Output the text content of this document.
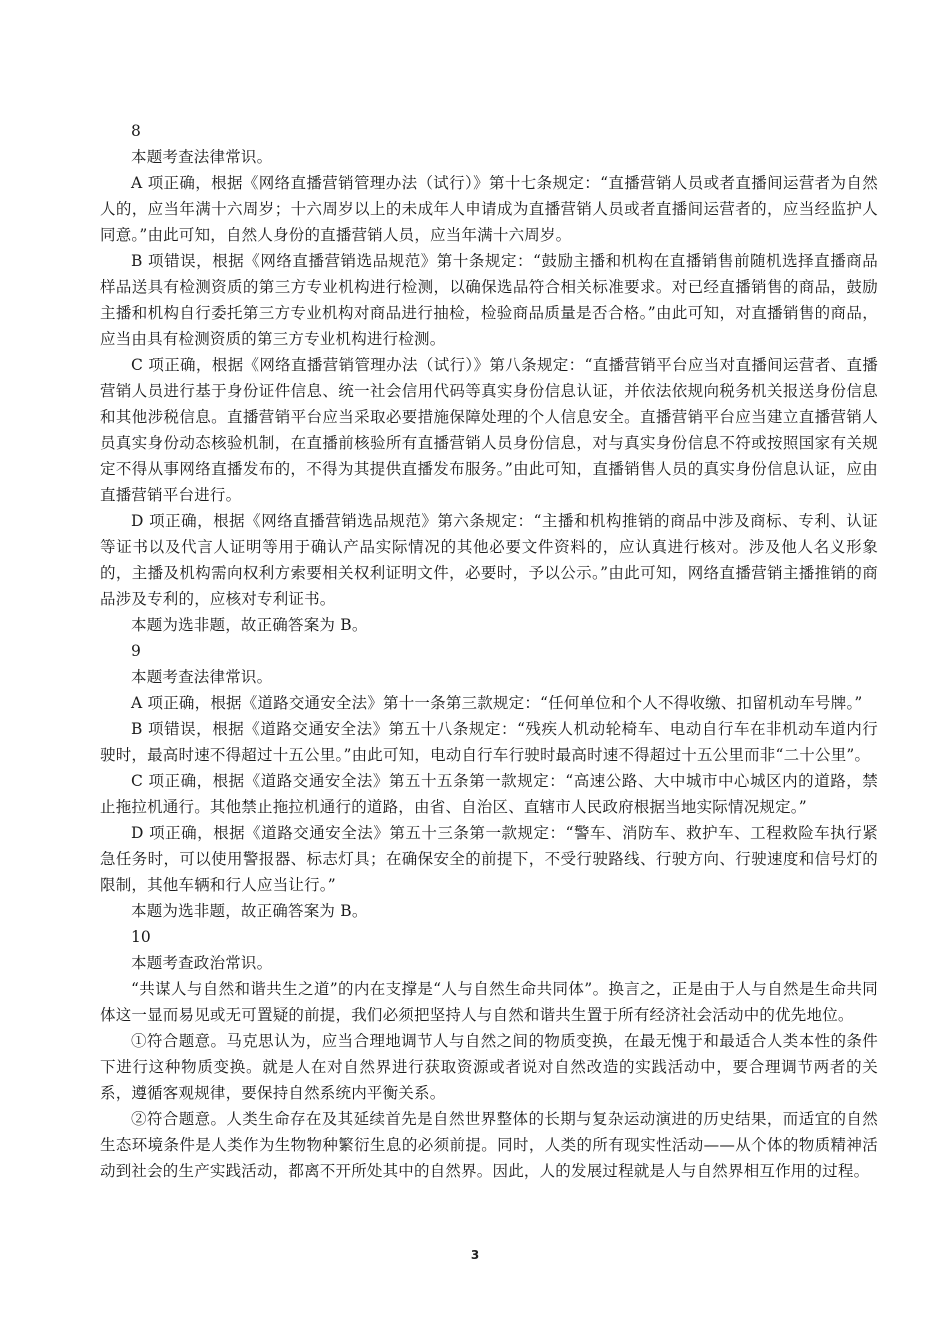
8

本题考查法律常识。

A 项正确，根据《网络直播营销管理办法（试行）》第十七条规定：“直播营销人员或者直播间运营者为自然人的，应当年满十六周岁；十六周岁以上的未成年人申请成为直播营销人员或者直播间运营者的，应当经监护人同意。”由此可知，自然人身份的直播营销人员，应当年满十六周岁。

B 项错误，根据《网络直播营销选品规范》第十条规定：“鼓励主播和机构在直播销售前随机选择直播商品样品送具有检测资质的第三方专业机构进行检测，以确保选品符合相关标准要求。对已经直播销售的商品，鼓励主播和机构自行委托第三方专业机构对商品进行抽检，检验商品质量是否合格。”由此可知，对直播销售的商品，应当由具有检测资质的第三方专业机构进行检测。

C 项正确，根据《网络直播营销管理办法（试行）》第八条规定：“直播营销平台应当对直播间运营者、直播营销人员进行基于身份证件信息、统一社会信用代码等真实身份信息认证，并依法依规向税务机关报送身份信息和其他涉税信息。直播营销平台应当采取必要措施保障处理的个人信息安全。直播营销平台应当建立直播营销人员真实身份动态核验机制，在直播前核验所有直播营销人员身份信息，对与真实身份信息不符或按照国家有关规定不得从事网络直播发布的，不得为其提供直播发布服务。”由此可知，直播销售人员的真实身份信息认证，应由直播营销平台进行。

D 项正确，根据《网络直播营销选品规范》第六条规定：“主播和机构推销的商品中涉及商标、专利、认证等证书以及代言人证明等用于确认产品实际情况的其他必要文件资料的，应认真进行核对。涉及他人名义形象的，主播及机构需向权利方索要相关权利证明文件，必要时，予以公示。”由此可知，网络直播营销主播推销的商品涉及专利的，应核对专利证书。

本题为选非题，故正确答案为 B。

9

本题考查法律常识。

A 项正确，根据《道路交通安全法》第十一条第三款规定：“任何单位和个人不得收缴、扣留机动车号牌。”

B 项错误，根据《道路交通安全法》第五十八条规定：“残疾人机动轮椅车、电动自行车在非机动车道内行驶时，最高时速不得超过十五公里。”由此可知，电动自行车行驶时最高时速不得超过十五公里而非“二十公里”。

C 项正确，根据《道路交通安全法》第五十五条第一款规定：“高速公路、大中城市中心城区内的道路，禁止拖拉机通行。其他禁止拖拉机通行的道路，由省、自治区、直辖市人民政府根据当地实际情况规定。”

D 项正确，根据《道路交通安全法》第五十三条第一款规定：“警车、消防车、救护车、工程救险车执行紧急任务时，可以使用警报器、标志灯具；在确保安全的前提下，不受行驶路线、行驶方向、行驶速度和信号灯的限制，其他车辆和行人应当让行。”

本题为选非题，故正确答案为 B。

10

本题考查政治常识。

“共谋人与自然和谐共生之道”的内在支撑是“人与自然生命共同体”。换言之，正是由于人与自然是生命共同体这一显而易见或无可置疑的前提，我们必须把坚持人与自然和谐共生置于所有经济社会活动中的优先地位。

①符合题意。马克思认为，应当合理地调节人与自然之间的物质变换，在最无愧于和最适合人类本性的条件下进行这种物质变换。就是人在对自然界进行获取资源或者说对自然改造的实践活动中，要合理调节两者的关系，遵循客观规律，要保持自然系统内平衡关系。

②符合题意。人类生命存在及其延续首先是自然世界整体的长期与复杂运动演进的历史结果，而适宜的自然生态环境条件是人类作为生物物种繁衍生息的必须前提。同时，人类的所有现实性活动——从个体的物质精神活动到社会的生产实践活动，都离不开所处其中的自然界。因此，人的发展过程就是人与自然界相互作用的过程。

3
